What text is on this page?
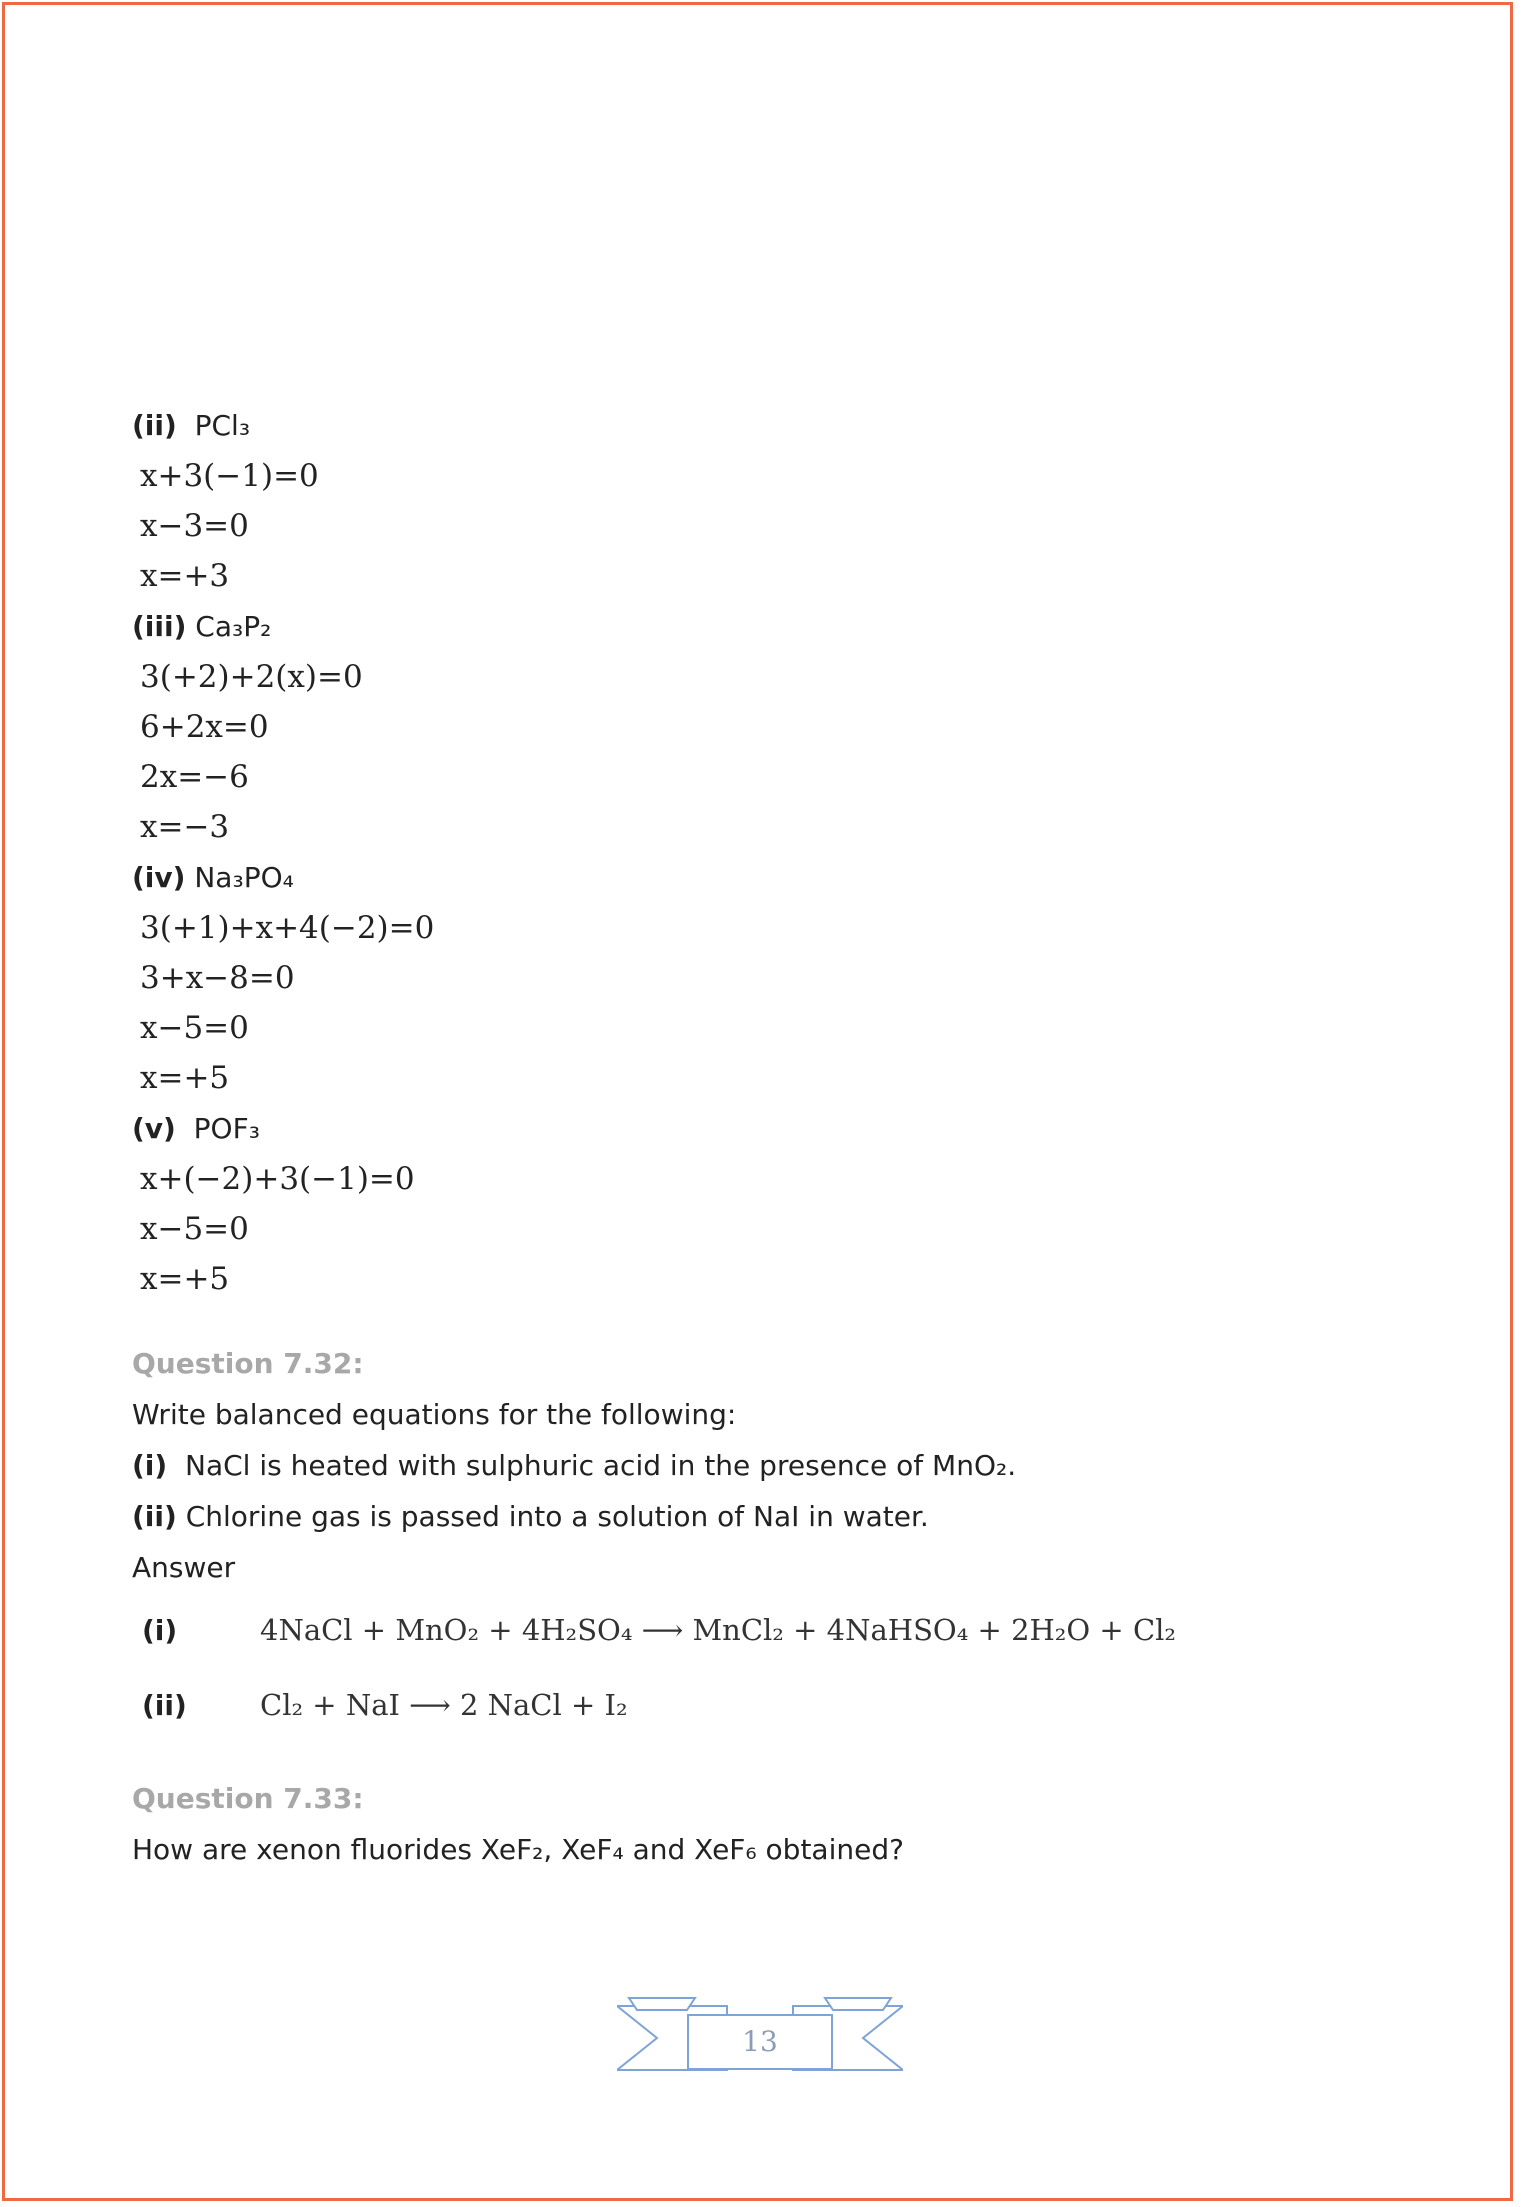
(ii) PCl₃
x+3(−1)=0
x−3=0
x=+3
(iii) Ca₃P₂
3(+2)+2(x)=0
6+2x=0
2x=−6
x=−3
(iv) Na₃PO₄
3(+1)+x+4(−2)=0
3+x−8=0
x−5=0
x=+5
(v) POF₃
x+(−2)+3(−1)=0
x−5=0
x=+5
Question 7.32:
Write balanced equations for the following:
(i) NaCl is heated with sulphuric acid in the presence of MnO₂.
(ii) Chlorine gas is passed into a solution of NaI in water.
Answer
(i)	4NaCl + MnO₂ + 4H₂SO₄ ⟶ MnCl₂ + 4NaHSO₄ + 2H₂O + Cl₂
(ii)	Cl₂ + NaI ⟶ 2 NaCl + I₂
Question 7.33:
How are xenon fluorides XeF₂, XeF₄ and XeF₆ obtained?
13
